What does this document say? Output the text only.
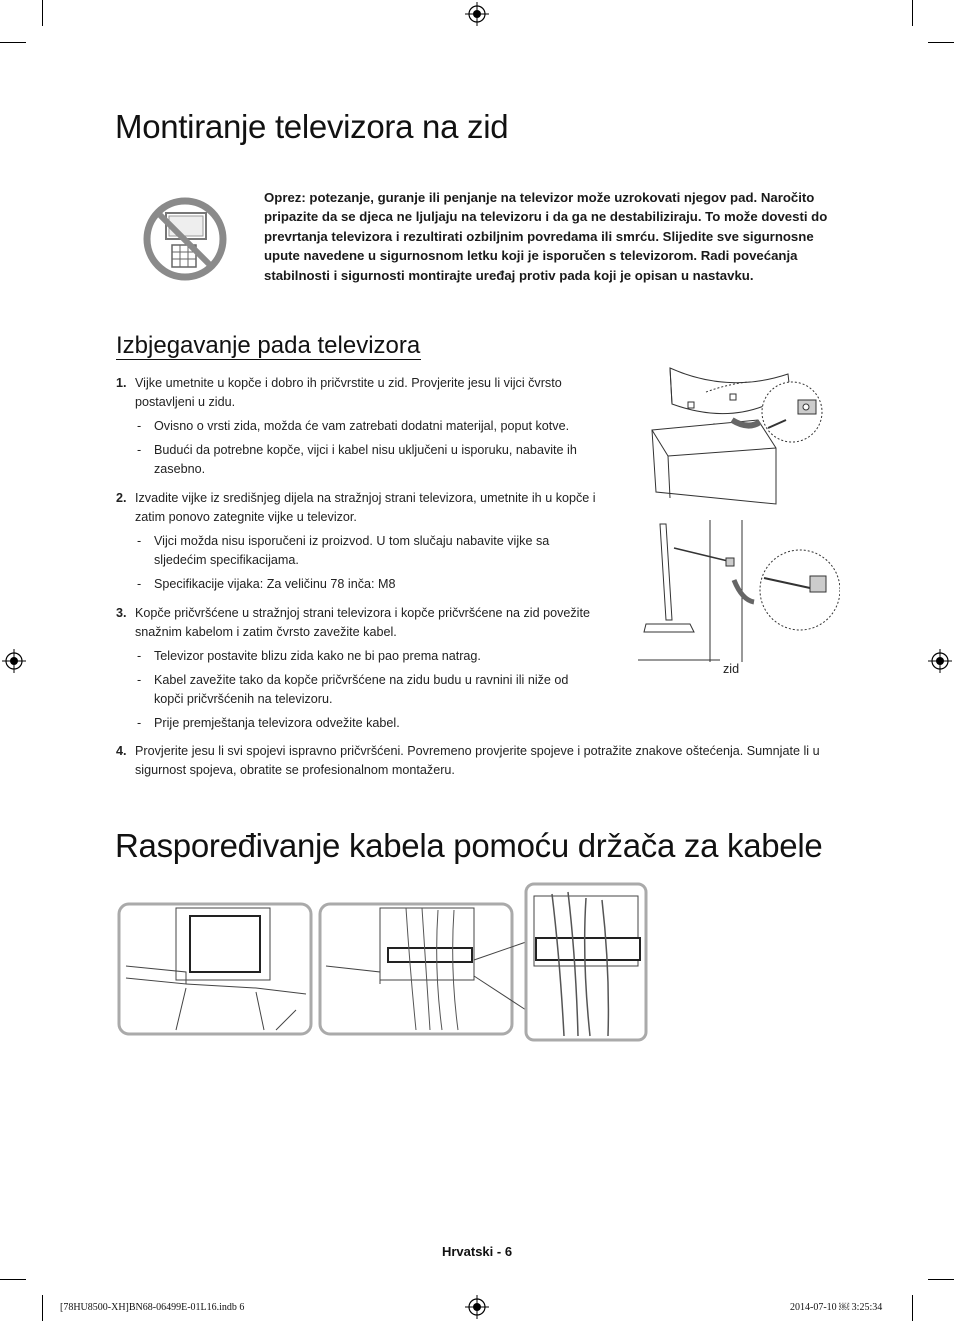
Montiranje televizora na zid
Oprez: potezanje, guranje ili penjanje na televizor može uzrokovati njegov pad. Naročito pripazite da se djeca ne ljuljaju na televizoru i da ga ne destabiliziraju. To može dovesti do prevrtanja televizora i rezultirati ozbiljnim povredama ili smrću. Slijedite sve sigurnosne upute navedene u sigurnosnom letku koji je isporučen s televizorom. Radi povećanja stabilnosti i sigurnosti montirajte uređaj protiv pada koji je opisan u nastavku.
Izbjegavanje pada televizora
1. Vijke umetnite u kopče i dobro ih pričvrstite u zid. Provjerite jesu li vijci čvrsto postavljeni u zidu.
- Ovisno o vrsti zida, možda će vam zatrebati dodatni materijal, poput kotve.
- Budući da potrebne kopče, vijci i kabel nisu uključeni u isporuku, nabavite ih zasebno.
2. Izvadite vijke iz središnjeg dijela na stražnjoj strani televizora, umetnite ih u kopče i zatim ponovo zategnite vijke u televizor.
- Vijci možda nisu isporučeni iz proizvod. U tom slučaju nabavite vijke sa sljedećim specifikacijama.
- Specifikacije vijaka: Za veličinu 78 inča: M8
3. Kopče pričvršćene u stražnjoj strani televizora i kopče pričvršćene na zid povežite snažnim kabelom i zatim čvrsto zavežite kabel.
- Televizor postavite blizu zida kako ne bi pao prema natrag.
- Kabel zavežite tako da kopče pričvršćene na zidu budu u ravnini ili niže od kopči pričvršćenih na televizoru.
- Prije premještanja televizora odvežite kabel.
4. Provjerite jesu li svi spojevi ispravno pričvršćeni. Povremeno provjerite spojeve i potražite znakove oštećenja. Sumnjate li u sigurnost spojeva, obratite se profesionalnom montažeru.
zid
Raspoređivanje kabela pomoću držača za kabele
Hrvatski - 6
[78HU8500-XH]BN68-06499E-01L16.indb 6	2014-07-10 ￼ 3:25:34
